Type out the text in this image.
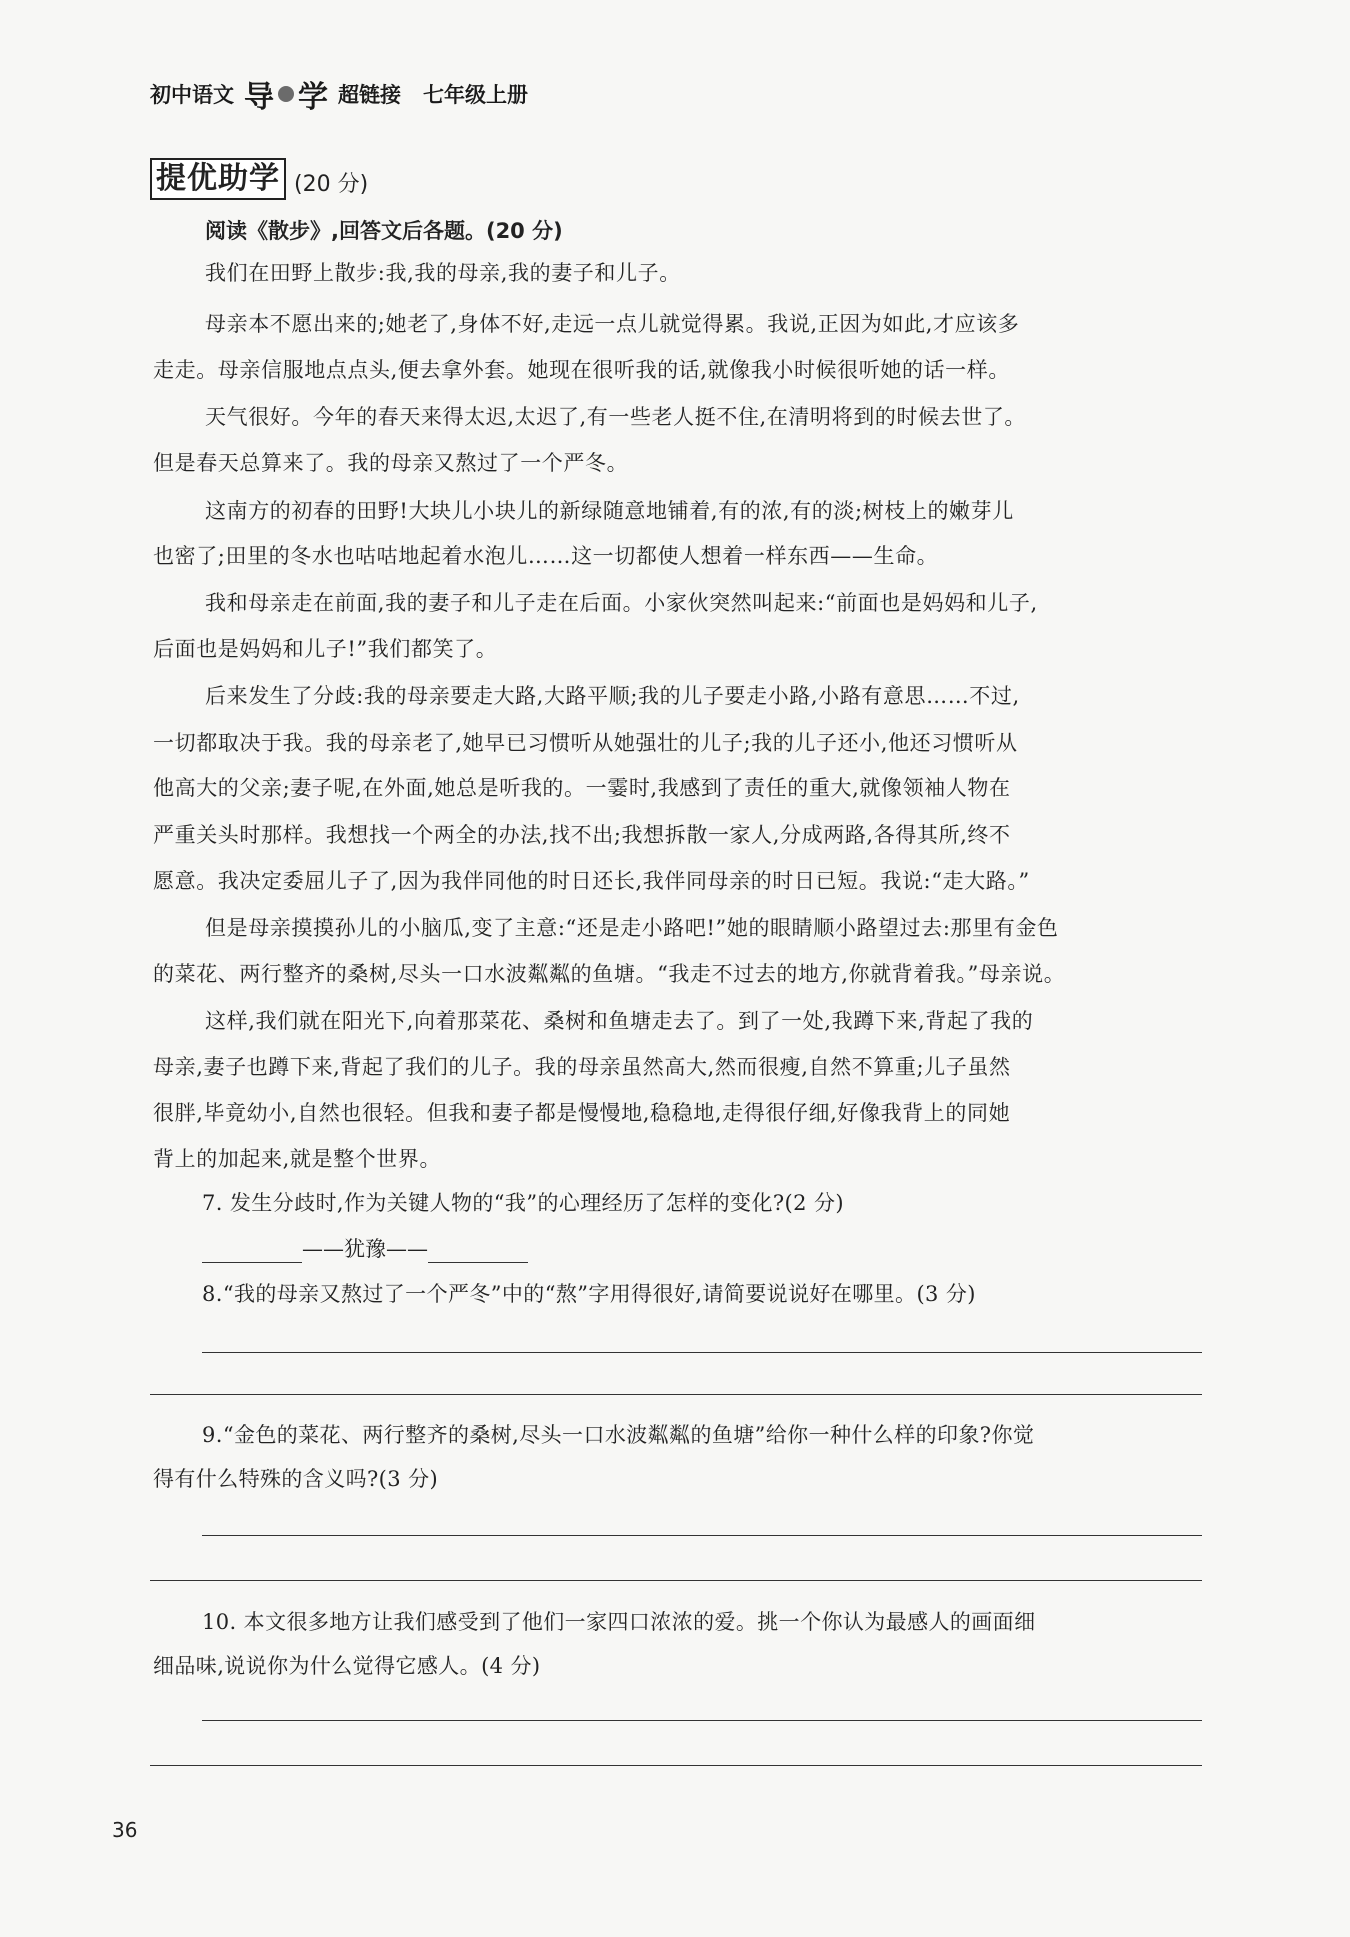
初中语文 导 学 超链接 七年级上册
提优助学 (20 分)
阅读《散步》,回答文后各题。(20 分)
我们在田野上散步:我,我的母亲,我的妻子和儿子。
母亲本不愿出来的;她老了,身体不好,走远一点儿就觉得累。我说,正因为如此,才应该多
走走。母亲信服地点点头,便去拿外套。她现在很听我的话,就像我小时候很听她的话一样。
天气很好。今年的春天来得太迟,太迟了,有一些老人挺不住,在清明将到的时候去世了。
但是春天总算来了。我的母亲又熬过了一个严冬。
这南方的初春的田野!大块儿小块儿的新绿随意地铺着,有的浓,有的淡;树枝上的嫩芽儿
也密了;田里的冬水也咕咕地起着水泡儿……这一切都使人想着一样东西——生命。
我和母亲走在前面,我的妻子和儿子走在后面。小家伙突然叫起来:“前面也是妈妈和儿子,
后面也是妈妈和儿子!”我们都笑了。
后来发生了分歧:我的母亲要走大路,大路平顺;我的儿子要走小路,小路有意思……不过,
一切都取决于我。我的母亲老了,她早已习惯听从她强壮的儿子;我的儿子还小,他还习惯听从
他高大的父亲;妻子呢,在外面,她总是听我的。一霎时,我感到了责任的重大,就像领袖人物在
严重关头时那样。我想找一个两全的办法,找不出;我想拆散一家人,分成两路,各得其所,终不
愿意。我决定委屈儿子了,因为我伴同他的时日还长,我伴同母亲的时日已短。我说:“走大路。”
但是母亲摸摸孙儿的小脑瓜,变了主意:“还是走小路吧!”她的眼睛顺小路望过去:那里有金色
的菜花、两行整齐的桑树,尽头一口水波粼粼的鱼塘。“我走不过去的地方,你就背着我。”母亲说。
这样,我们就在阳光下,向着那菜花、桑树和鱼塘走去了。到了一处,我蹲下来,背起了我的
母亲,妻子也蹲下来,背起了我们的儿子。我的母亲虽然高大,然而很瘦,自然不算重;儿子虽然
很胖,毕竟幼小,自然也很轻。但我和妻子都是慢慢地,稳稳地,走得很仔细,好像我背上的同她
背上的加起来,就是整个世界。
7. 发生分歧时,作为关键人物的“我”的心理经历了怎样的变化?(2 分)
——犹豫——
8.“我的母亲又熬过了一个严冬”中的“熬”字用得很好,请简要说说好在哪里。(3 分)
9.“金色的菜花、两行整齐的桑树,尽头一口水波粼粼的鱼塘”给你一种什么样的印象?你觉
得有什么特殊的含义吗?(3 分)
10. 本文很多地方让我们感受到了他们一家四口浓浓的爱。挑一个你认为最感人的画面细
细品味,说说你为什么觉得它感人。(4 分)
36
